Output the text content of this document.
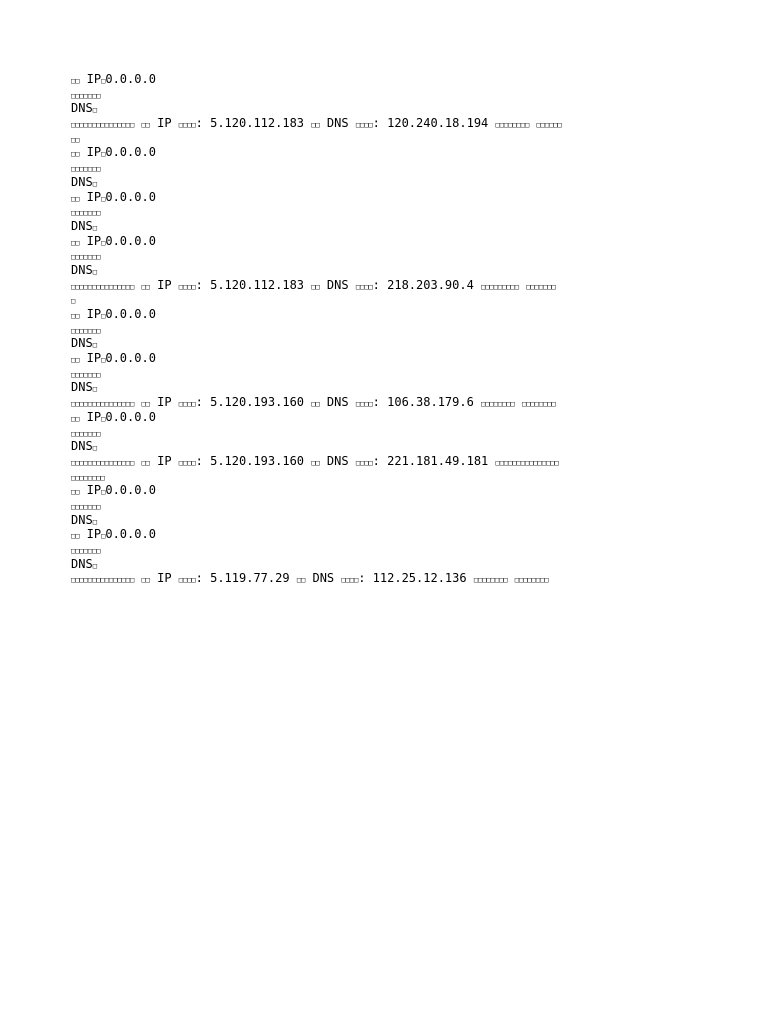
□□ IP□0.0.0.0
□□□□□□□
DNS□
□□□□□□□□□□□□□□□ □□ IP □□□□: 5.120.112.183 □□ DNS □□□□: 120.240.18.194 □□□□□□□□ □□□□□□
□□
□□ IP□0.0.0.0
□□□□□□□
DNS□
□□ IP□0.0.0.0
□□□□□□□
DNS□
□□ IP□0.0.0.0
□□□□□□□
DNS□
□□□□□□□□□□□□□□□ □□ IP □□□□: 5.120.112.183 □□ DNS □□□□: 218.203.90.4 □□□□□□□□□ □□□□□□□
□
□□ IP□0.0.0.0
□□□□□□□
DNS□
□□ IP□0.0.0.0
□□□□□□□
DNS□
□□□□□□□□□□□□□□□ □□ IP □□□□: 5.120.193.160 □□ DNS □□□□: 106.38.179.6 □□□□□□□□ □□□□□□□□
□□ IP□0.0.0.0
□□□□□□□
DNS□
□□□□□□□□□□□□□□□ □□ IP □□□□: 5.120.193.160 □□ DNS □□□□: 221.181.49.181 □□□□□□□□□□□□□□□
□□□□□□□□
□□ IP□0.0.0.0
□□□□□□□
DNS□
□□ IP□0.0.0.0
□□□□□□□
DNS□
□□□□□□□□□□□□□□□ □□ IP □□□□: 5.119.77.29 □□ DNS □□□□: 112.25.12.136 □□□□□□□□ □□□□□□□□
